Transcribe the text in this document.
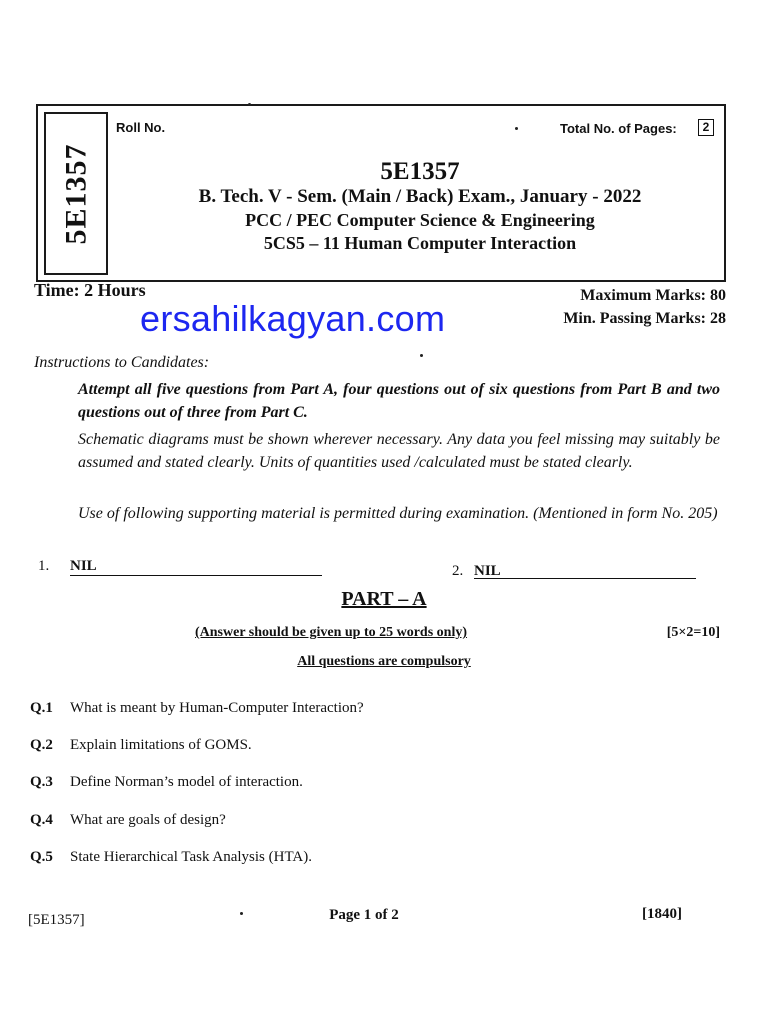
5E1357
Roll No.	Total No. of Pages:	2
5E1357
B. Tech. V - Sem. (Main / Back) Exam., January - 2022
PCC / PEC Computer Science & Engineering
5CS5 – 11 Human Computer Interaction
Time: 2 Hours	Maximum Marks: 80
Min. Passing Marks: 28
ersahilkagyan.com
Instructions to Candidates:
Attempt all five questions from Part A, four questions out of six questions from Part B and two questions out of three from Part C.
Schematic diagrams must be shown wherever necessary. Any data you feel missing may suitably be assumed and stated clearly. Units of quantities used /calculated must be stated clearly.
Use of following supporting material is permitted during examination. (Mentioned in form No. 205)
1. NIL	2. NIL
PART – A
(Answer should be given up to 25 words only)	[5×2=10]
All questions are compulsory
Q.1	What is meant by Human-Computer Interaction?
Q.2	Explain limitations of GOMS.
Q.3	Define Norman’s model of interaction.
Q.4	What are goals of design?
Q.5	State Hierarchical Task Analysis (HTA).
[5E1357]	Page 1 of 2	[1840]
